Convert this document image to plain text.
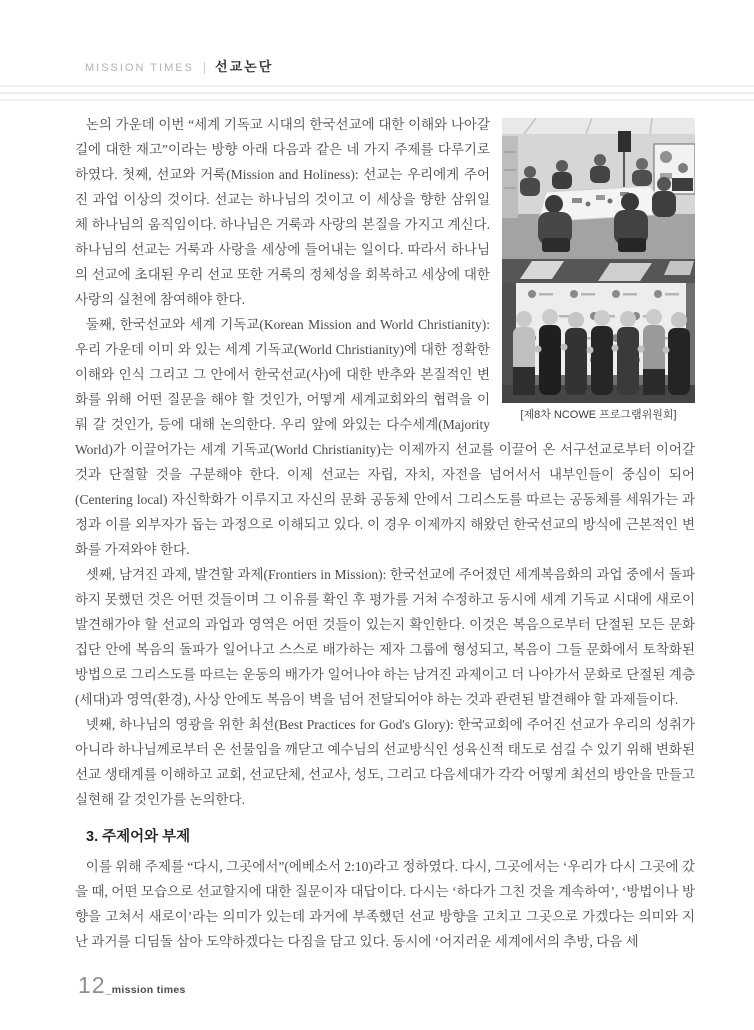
MISSION TIMES | 선교논단
[제8차 NCOWE 프로그램위원회]

논의 가운데 이번 “세계 기독교 시대의 한국선교에 대한 이해와 나아갈 길에 대한 재고”이라는 방향 아래 다음과 같은 네 가지 주제를 다루기로 하였다. 첫째, 선교와 거룩(Mission and Holiness): 선교는 우리에게 주어진 과업 이상의 것이다. 선교는 하나님의 것이고 이 세상을 향한 삼위일체 하나님의 움직임이다. 하나님은 거룩과 사랑의 본질을 가지고 계신다. 하나님의 선교는 거룩과 사랑을 세상에 들어내는 일이다. 따라서 하나님의 선교에 초대된 우리 선교 또한 거룩의 정체성을 회복하고 세상에 대한 사랑의 실천에 참여해야 한다.

둘째, 한국선교와 세계 기독교(Korean Mission and World Christianity): 우리 가운데 이미 와 있는 세계 기독교(World Christianity)에 대한 정확한 이해와 인식 그리고 그 안에서 한국선교(사)에 대한 반추와 본질적인 변화를 위해 어떤 질문을 해야 할 것인가, 어떻게 세계교회와의 협력을 이뤄 갈 것인가, 등에 대해 논의한다. 우리 앞에 와있는 다수세계(Majority World)가 이끌어가는 세계 기독교(World Christianity)는 이제까지 선교를 이끌어 온 서구선교로부터 이어갈 것과 단절할 것을 구분해야 한다. 이제 선교는 자립, 자치, 자전을 넘어서서 내부인들이 중심이 되어(Centering local) 자신학화가 이루지고 자신의 문화 공동체 안에서 그리스도를 따르는 공동체를 세워가는 과정과 이를 외부자가 돕는 과정으로 이해되고 있다. 이 경우 이제까지 해왔던 한국선교의 방식에 근본적인 변화를 가져와야 한다.

셋째, 남겨진 과제, 발견할 과제(Frontiers in Mission): 한국선교에 주어졌던 세계복음화의 과업 중에서 돌파하지 못했던 것은 어떤 것들이며 그 이유를 확인 후 평가를 거쳐 수정하고 동시에 세계 기독교 시대에 새로이 발견해가야 할 선교의 과업과 영역은 어떤 것들이 있는지 확인한다. 이것은 복음으로부터 단절된 모든 문화 집단 안에 복음의 돌파가 일어나고 스스로 배가하는 제자 그룹에 형성되고, 복음이 그들 문화에서 토착화된 방법으로 그리스도를 따르는 운동의 배가가 일어나야 하는 남겨진 과제이고 더 나아가서 문화로 단절된 계층(세대)과 영역(환경), 사상 안에도 복음이 벽을 넘어 전달되어야 하는 것과 관련된 발견해야 할 과제들이다.

넷째, 하나님의 영광을 위한 최선(Best Practices for God's Glory): 한국교회에 주어진 선교가 우리의 성취가 아니라 하나님께로부터 온 선물임을 깨닫고 예수님의 선교방식인 성육신적 태도로 섬길 수 있기 위해 변화된 선교 생태계를 이해하고 교회, 선교단체, 선교사, 성도, 그리고 다음세대가 각각 어떻게 최선의 방안을 만들고 실현해 갈 것인가를 논의한다.

3. 주제어와 부제

이를 위해 주제를 “다시, 그곳에서”(에베소서 2:10)라고 정하였다. 다시, 그곳에서는 ‘우리가 다시 그곳에 갔을 때, 어떤 모습으로 선교할지에 대한 질문이자 대답이다. 다시는 ‘하다가 그친 것을 계속하여’, ‘방법이나 방향을 고쳐서 새로이’라는 의미가 있는데 과거에 부족했던 선교 방향을 고치고 그곳으로 가겠다는 의미와 지난 과거를 디딤돌 삼아 도약하겠다는 다짐을 담고 있다. 동시에 ‘어지러운 세계에서의 추방, 다음 세

12 _mission times
